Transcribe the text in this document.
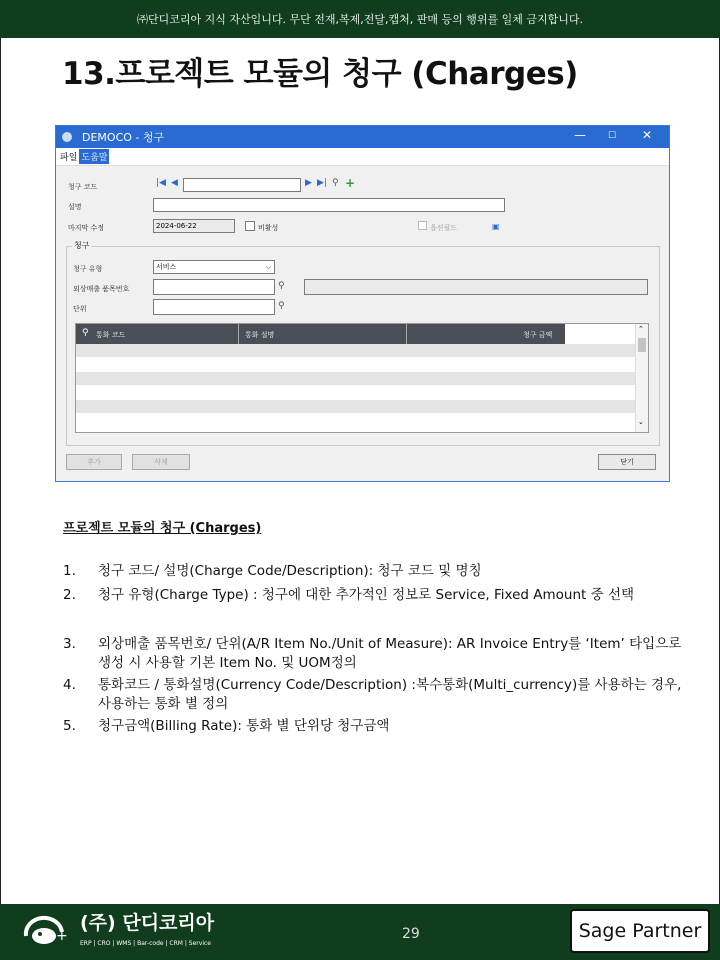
㈜단디코리아 지식 자산입니다. 무단 전재,복제,전달,캡처, 판매 등의 행위를 일체 금지합니다.
13.프로젝트 모듈의 청구 (Charges)
DEMOCO - 청구	— ☐ ✕
파일 도움말
청구 코드	|◀ ◀	▶ ▶| ⚲ +
설명
마지막 수정	2024-06-22	비활성	옵션필드	▣
청구
청구 유형	서비스	⌵
외상매출 품목번호	⚲
단위	⚲
⚲ 통화 코드	통화 설명	청구 금액
⌃
⌄
추가	삭제	닫기
프로젝트 모듈의 청구 (Charges)
1. 청구 코드/ 설명(Charge Code/Description): 청구 코드 및 명칭
2. 청구 유형(Charge Type) : 청구에 대한 추가적인 정보로 Service, Fixed Amount 중 선택
3. 외상매출 품목번호/ 단위(A/R Item No./Unit of Measure): AR Invoice Entry를 ‘Item’ 타입으로 생성 시 사용할 기본 Item No. 및 UOM정의
4. 통화코드 / 통화설명(Currency Code/Description) :복수통화(Multi_currency)를 사용하는 경우, 사용하는 통화 별 정의
5. 청구금액(Billing Rate): 통화 별 단위당 청구금액
+
(주) 단디코리아
ERP | CRO | WMS | Bar-code | CRM | Service
29	Sage Partner
